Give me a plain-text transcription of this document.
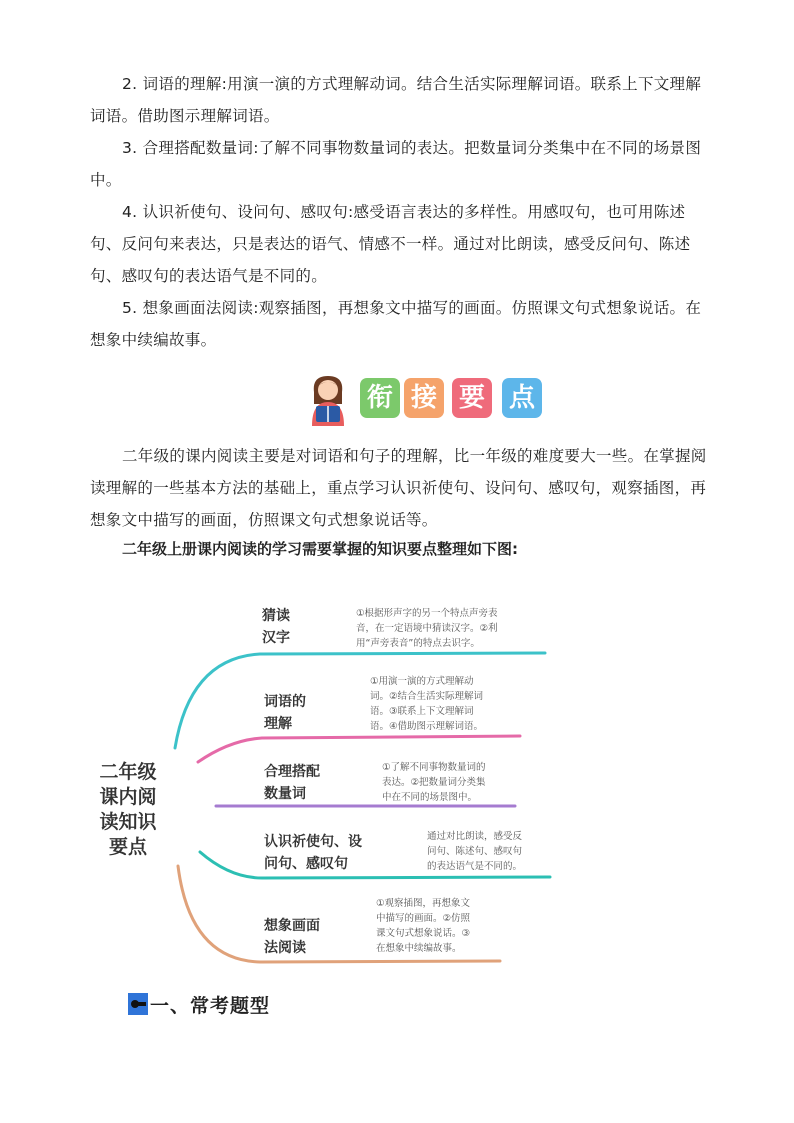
2. 词语的理解:用演一演的方式理解动词。结合生活实际理解词语。联系上下文理解词语。借助图示理解词语。

3. 合理搭配数量词:了解不同事物数量词的表达。把数量词分类集中在不同的场景图中。

4. 认识祈使句、设问句、感叹句:感受语言表达的多样性。用感叹句，也可用陈述句、反问句来表达，只是表达的语气、情感不一样。通过对比朗读，感受反问句、陈述句、感叹句的表达语气是不同的。

5. 想象画面法阅读:观察插图，再想象文中描写的画面。仿照课文句式想象说话。在想象中续编故事。

衔 接 要 点

二年级的课内阅读主要是对词语和句子的理解，比一年级的难度要大一些。在掌握阅读理解的一些基本方法的基础上，重点学习认识祈使句、设问句、感叹句，观察插图，再想象文中描写的画面，仿照课文句式想象说话等。

二年级上册课内阅读的学习需要掌握的知识要点整理如下图:

二年级
课内阅
读知识
要点
猜读
汉字
①根据形声字的另一个特点声旁表
音，在一定语境中猜读汉字。②利
用“声旁表音”的特点去识字。
词语的
理解
①用演一演的方式理解动
词。②结合生活实际理解词
语。③联系上下文理解词
语。④借助图示理解词语。
合理搭配
数量词
①了解不同事物数量词的
表达。②把数量词分类集
中在不同的场景图中。
认识祈使句、设
问句、感叹句
通过对比朗读，感受反
问句、陈述句、感叹句
的表达语气是不同的。
想象画面
法阅读
①观察插图，再想象文
中描写的画面。②仿照
课文句式想象说话。③
在想象中续编故事。
一、常考题型
